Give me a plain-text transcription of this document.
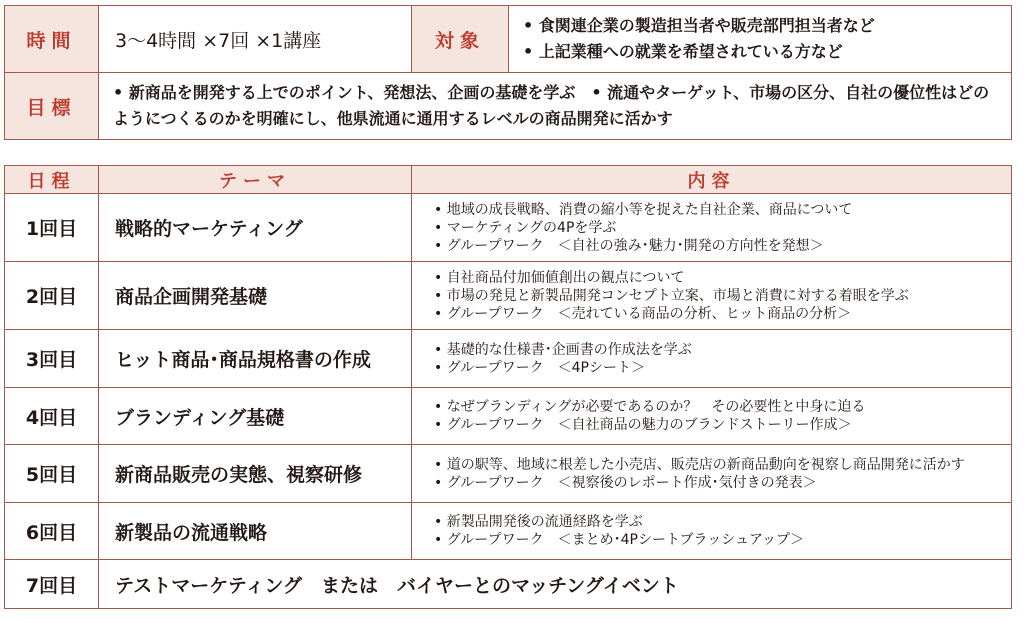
時間	3～4時間 ×7回 ×1講座	対象	• 食関連企業の製造担当者や販売部門担当者など
• 上記業種への就業を希望されている方など

目標	• 新商品を開発する上でのポイント、発想法、企画の基礎を学ぶ　• 流通やターゲット、市場の区分、自社の優位性はどのようにつくるのかを明確にし、他県流通に通用するレベルの商品開発に活かす		
日程	テーマ	内容
1回目	戦略的マーケティング	• 地域の成長戦略、消費の縮小等を捉えた自社企業、商品について
• マーケティングの4Pを学ぶ
• グループワーク　＜自社の強み･魅力･開発の方向性を発想＞

2回目	商品企画開発基礎	• 自社商品付加価値創出の観点について
• 市場の発見と新製品開発コンセプト立案、市場と消費に対する着眼を学ぶ
• グループワーク　＜売れている商品の分析、ヒット商品の分析＞

3回目	ヒット商品･商品規格書の作成	• 基礎的な仕様書･企画書の作成法を学ぶ
• グループワーク　＜4Pシート＞

4回目	ブランディング基礎	• なぜブランディングが必要であるのか？　その必要性と中身に迫る
• グループワーク　＜自社商品の魅力のブランドストーリー作成＞

5回目	新商品販売の実態、視察研修	• 道の駅等、地域に根差した小売店、販売店の新商品動向を視察し商品開発に活かす
• グループワーク　＜視察後のレポート作成･気付きの発表＞

6回目	新製品の流通戦略	• 新製品開発後の流通経路を学ぶ
• グループワーク　＜まとめ･4Pシートブラッシュアップ＞

7回目	テストマーケティング　または　バイヤーとのマッチングイベント	
